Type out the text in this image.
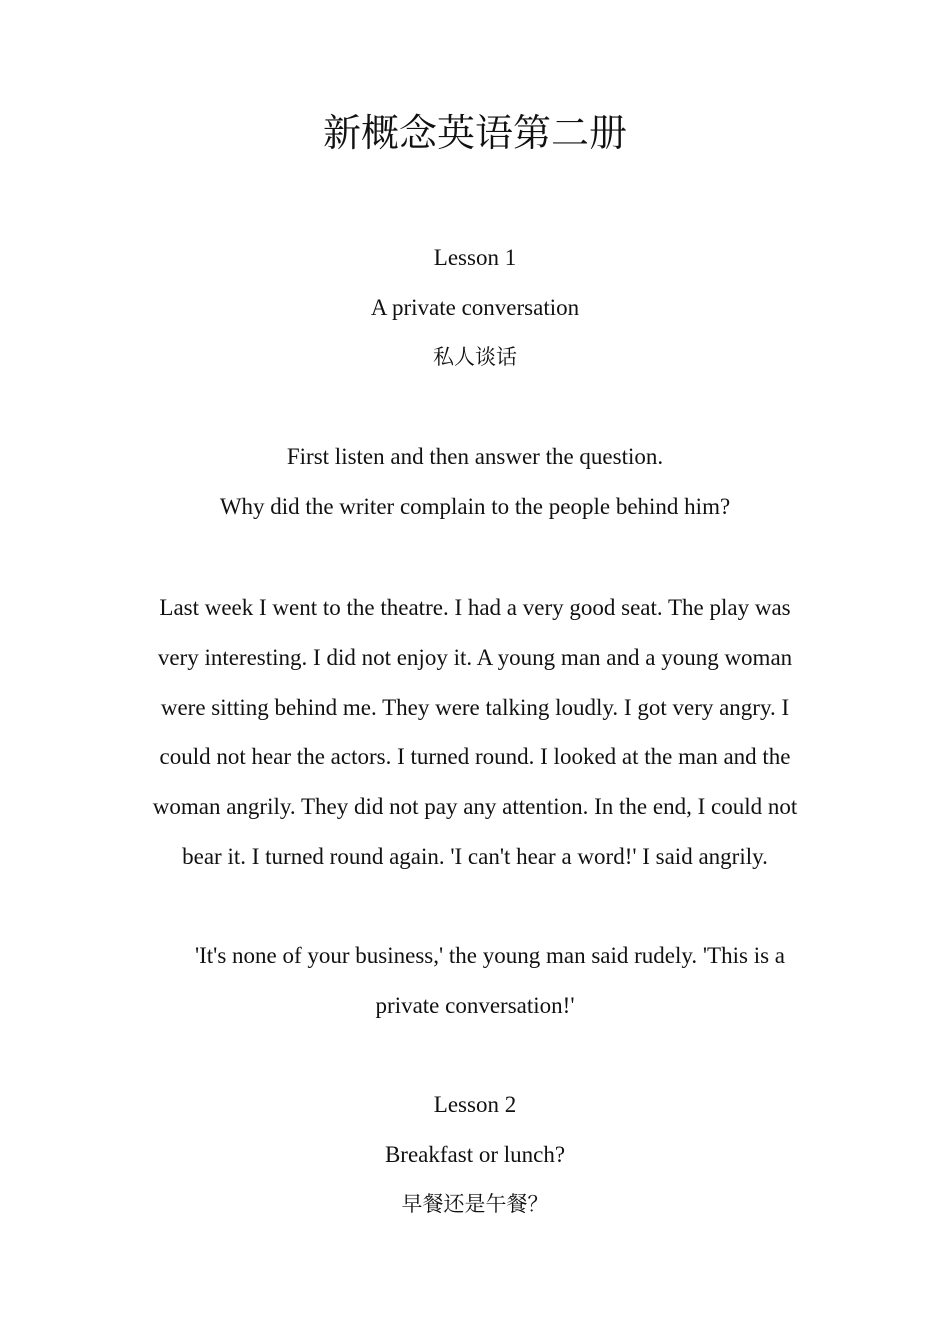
新概念英语第二册

Lesson 1

A private conversation

私人谈话

First listen and then answer the question.

Why did the writer complain to the people behind him?

Last week I went to the theatre. I had a very good seat. The play was very interesting. I did not enjoy it. A young man and a young woman were sitting behind me. They were talking loudly. I got very angry. I could not hear the actors. I turned round. I looked at the man and the woman angrily. They did not pay any attention. In the end, I could not bear it. I turned round again. 'I can't hear a word!' I said angrily.

'It's none of your business,' the young man said rudely. 'This is a private conversation!'

Lesson 2

Breakfast or lunch?

早餐还是午餐？
